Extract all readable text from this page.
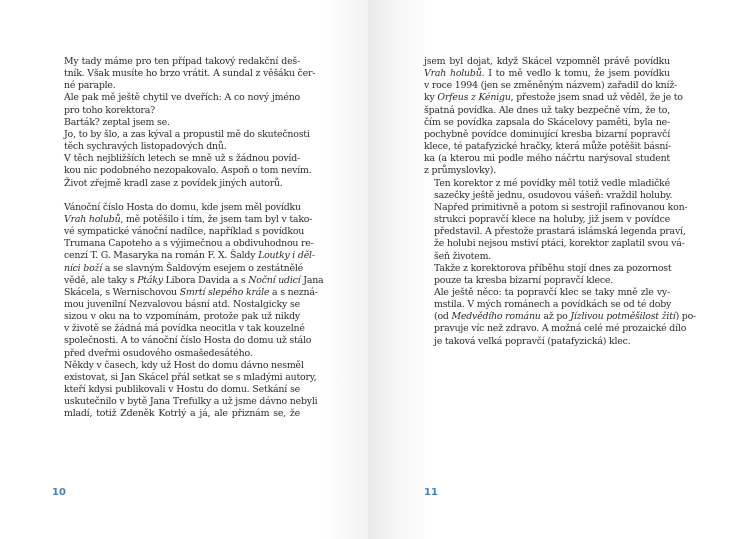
My tady máme pro ten případ takový redakční deš-
tník. Však musíte ho brzo vrátit. A sundal z věšáku čer-
né paraple.

Ale pak mě ještě chytil ve dveřích: A co nový jméno
pro toho korektora?

Barták? zeptal jsem se.

Jo, to by šlo, a zas kýval a propustil mě do skutečnosti
těch sychravých listopadových dnů.

V těch nejbližších letech se mně už s žádnou povíd-
kou nic podobného nezopakovalo. Aspoň o tom nevím.
Život zřejmě kradl zase z povídek jiných autorů.

Vánoční číslo Hosta do domu, kde jsem měl povídku
Vrah holubů, mě potěšilo i tím, že jsem tam byl v tako-
vé sympatické vánoční nadílce, například s povídkou
Trumana Capoteho a s výjimečnou a obdivuhodnou re-
cenzí T. G. Masaryka na román F. X. Šaldy Loutky i děl-
níci boží a se slavným Šaldovým esejem o zestátnělé
vědě, ale taky s Ptáky Libora Davida a s Noční udicí Jana
Skácela, s Wernischovou Smrtí slepého krále a s nezná-
mou juvenilní Nezvalovou básní atd. Nostalgicky se
sizou v oku na to vzpomínám, protože pak už nikdy
v životě se žádná má povídka neocitla v tak kouzelné
společnosti. A to vánoční číslo Hosta do domu už stálo
před dveřmi osudového osmašedesátého.

Někdy v časech, kdy už Host do domu dávno nesměl
existovat, si Jan Skácel přál setkat se s mladými autory,
kteří kdysi publikovali v Hostu do domu. Setkání se
uskutečnilo v bytě Jana Trefulky a už jsme dávno nebyli
mladí, totiž Zdeněk Kotrlý a já, ale přiznám se, že

10

jsem byl dojat, když Skácel vzpomněl právě povídku
Vrah holubů. I to mě vedlo k tomu, že jsem povídku
v roce 1994 (jen se změněným názvem) zařadil do kníž-
ky Orfeus z Kénigu, přestože jsem snad už věděl, že je to
špatná povídka. Ale dnes už taky bezpečně vím, že to,
čím se povídka zapsala do Skácelovy paměti, byla ne-
pochybně povídce dominující kresba bizarní popravčí
klece, té patafyzické hračky, která může potěšit básní-
ka (a kterou mi podle mého náčrtu narýsoval student
z průmyslovky).

Ten korektor z mé povídky měl totiž vedle mladičké
sazečky ještě jednu, osudovou vášeň: vraždil holuby.
Napřed primitivně a potom si sestrojil rafinovanou kon-
strukci popravčí klece na holuby, již jsem v povídce
představil. A přestože prastará islámská legenda praví,
že holubi nejsou mstiví ptáci, korektor zaplatil svou vá-
šeň životem.

Takže z korektorova příběhu stojí dnes za pozornost
pouze ta kresba bizarní popravčí klece.

Ale ještě něco: ta popravčí klec se taky mně zle vy-
mstila. V mých románech a povídkách se od té doby
(od Medvědího románu až po Jízlivou potměšilost žití) po-
pravuje víc než zdravo. A možná celé mé prozaické dílo
je taková velká popravčí (patafyzická) klec.

11
